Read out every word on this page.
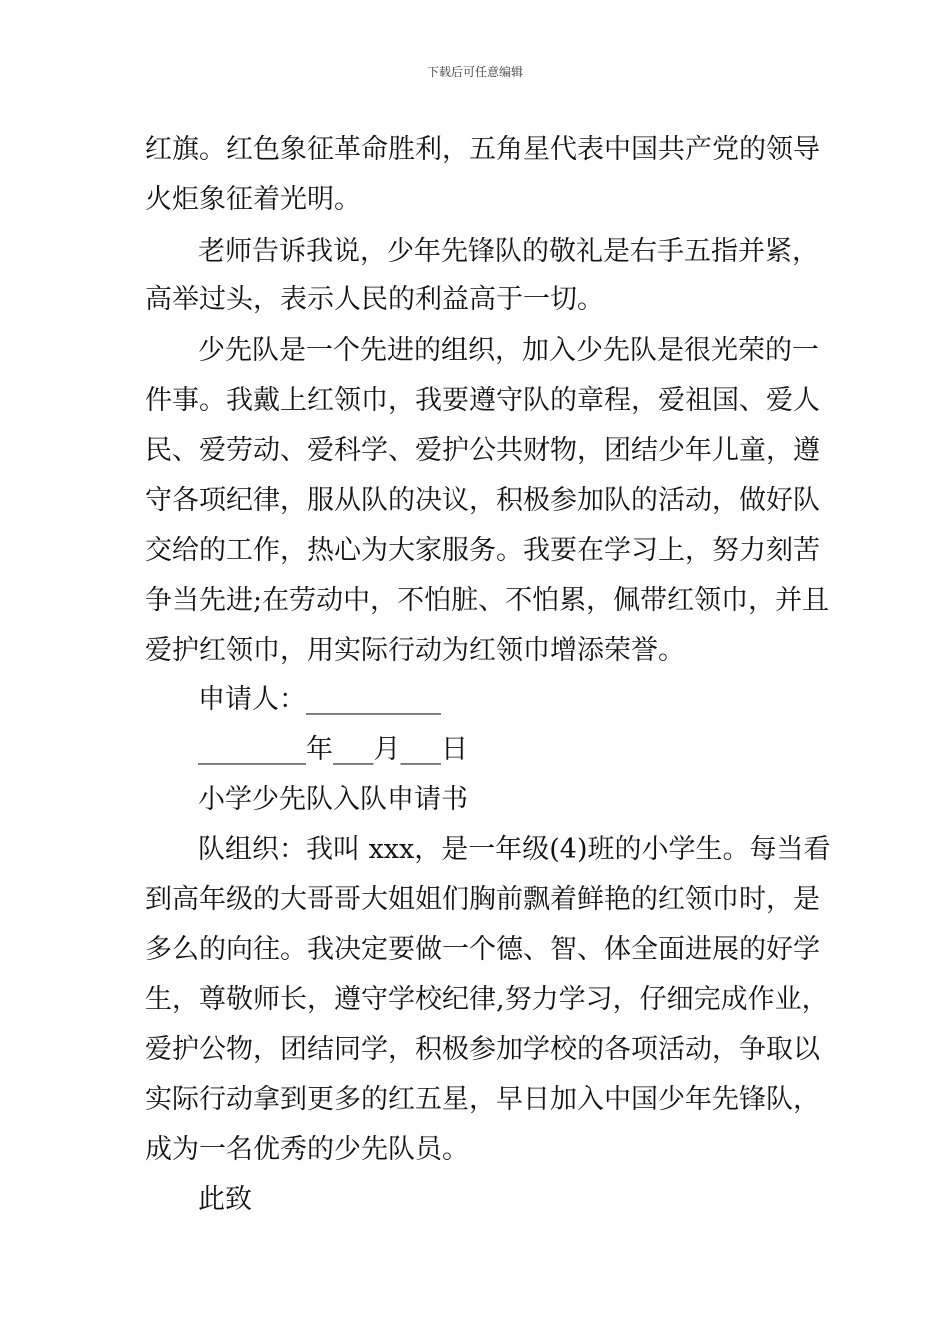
下载后可任意编辑
红旗。红色象征革命胜利，五角星代表中国共产党的领导
火炬象征着光明。
老师告诉我说，少年先锋队的敬礼是右手五指并紧，
高举过头，表示人民的利益高于一切。
少先队是一个先进的组织，加入少先队是很光荣的一
件事。我戴上红领巾，我要遵守队的章程，爱祖国、爱人
民、爱劳动、爱科学、爱护公共财物，团结少年儿童，遵
守各项纪律，服从队的决议，积极参加队的活动，做好队
交给的工作，热心为大家服务。我要在学习上，努力刻苦
争当先进;在劳动中，不怕脏、不怕累，佩带红领巾，并且
爱护红领巾，用实际行动为红领巾增添荣誉。
申请人：__________
________年___月___日
小学少先队入队申请书
队组织：我叫 xxx，是一年级(4)班的小学生。每当看
到高年级的大哥哥大姐姐们胸前飘着鲜艳的红领巾时，是
多么的向往。我决定要做一个德、智、体全面进展的好学
生，尊敬师长，遵守学校纪律,努力学习，仔细完成作业，
爱护公物，团结同学，积极参加学校的各项活动，争取以
实际行动拿到更多的红五星，早日加入中国少年先锋队，
成为一名优秀的少先队员。
此致
